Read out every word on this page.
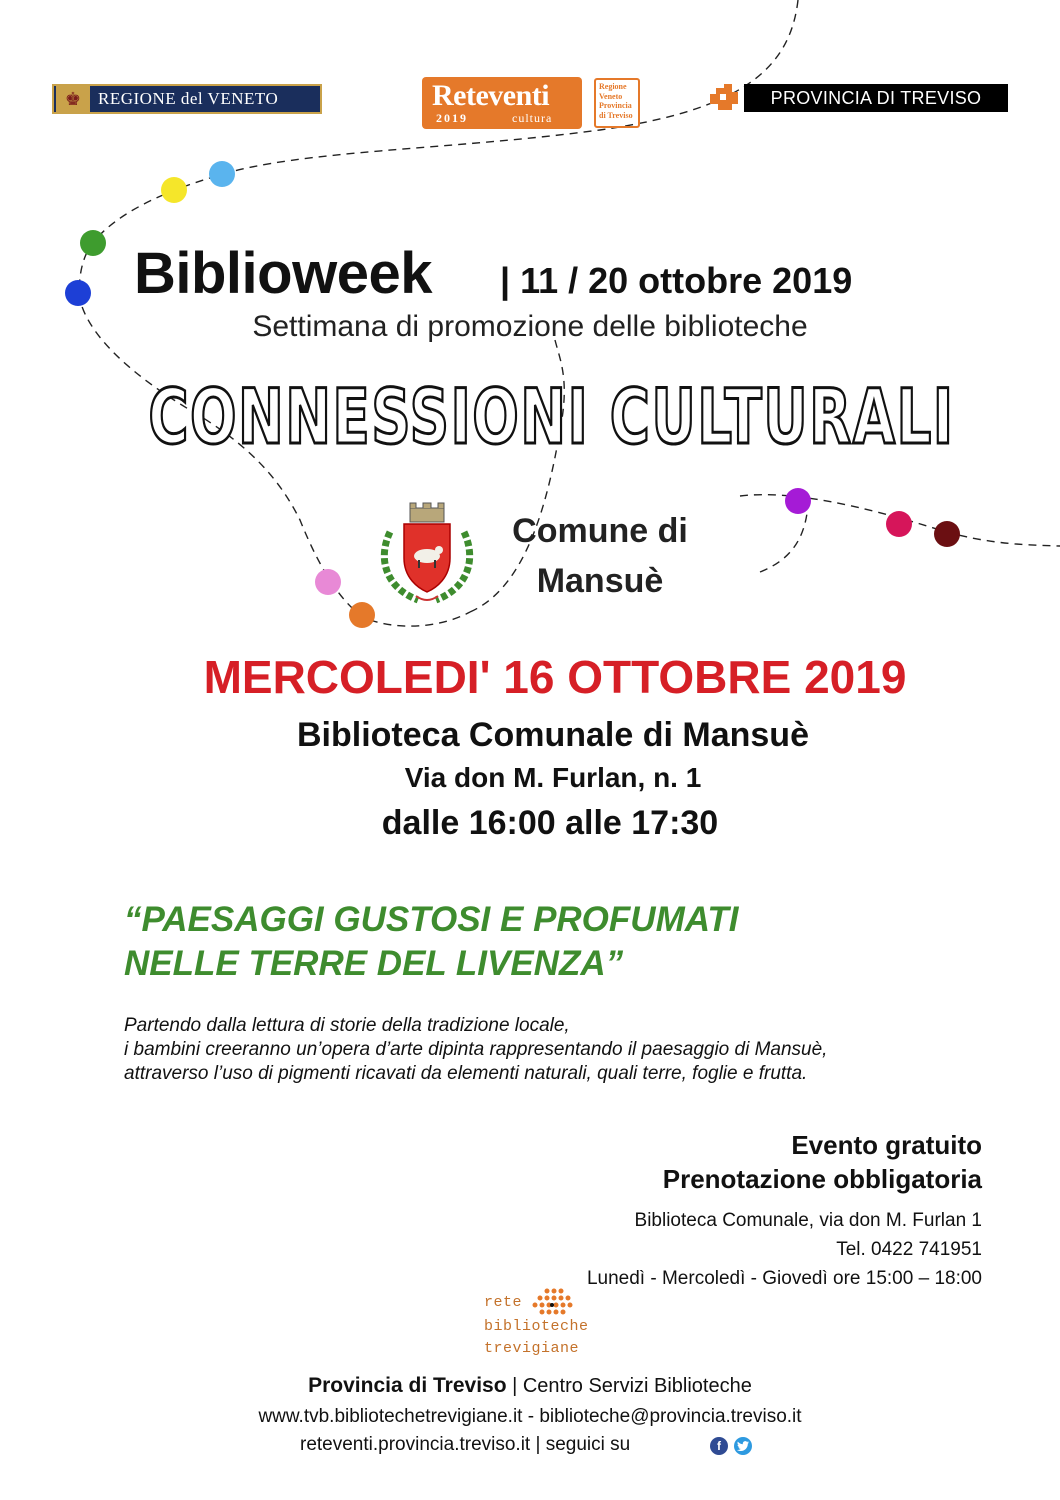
♚ REGIONE del VENETO	Reteventi
2019	cultura
Regione Veneto Provincia di Treviso
PROVINCIA DI TREVISO
Biblioweek | 11 / 20 ottobre 2019
Settimana di promozione delle biblioteche
CONNESSIONI CULTURALI
Comune di
Mansuè
MERCOLEDI' 16 OTTOBRE 2019
Biblioteca Comunale di Mansuè
Via don M. Furlan, n. 1
dalle 16:00 alle 17:30
“PAESAGGI GUSTOSI E PROFUMATI
NELLE TERRE DEL LIVENZA”
Partendo dalla lettura di storie della tradizione locale,
i bambini creeranno un’opera d’arte dipinta rappresentando il paesaggio di Mansuè,
attraverso l’uso di pigmenti ricavati da elementi naturali, quali terre, foglie e frutta.
Evento gratuito
Prenotazione obbligatoria
Biblioteca Comunale, via don M. Furlan 1
Tel. 0422 741951
Lunedì - Mercoledì - Giovedì ore 15:00 – 18:00
rete
biblioteche
trevigiane
Provincia di Treviso | Centro Servizi Biblioteche
www.tvb.bibliotechetrevigiane.it - biblioteche@provincia.treviso.it
reteventi.provincia.treviso.it | seguici su	f
